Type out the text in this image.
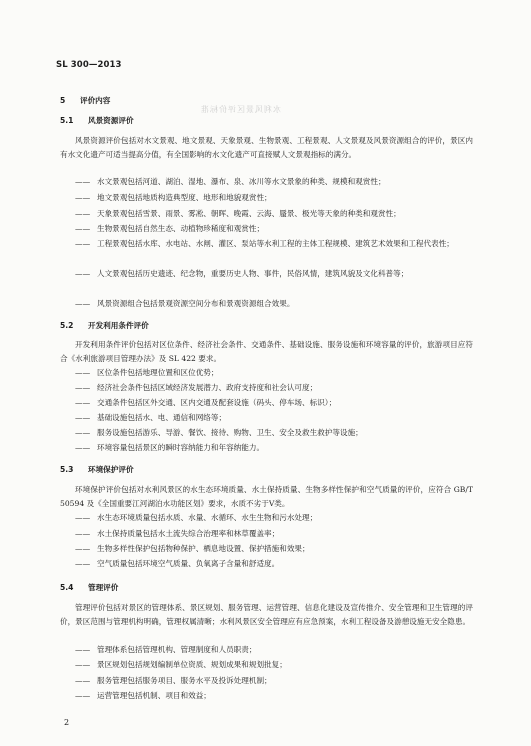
水利风景区评价标准
SL 300—2013
5 评价内容
5.1 风景资源评价
风景资源评价包括对水文景观、地文景观、天象景观、生物景观、工程景观、人文景观及风景资源组合的评价，景区内有水文化遗产可适当提高分值，有全国影响的水文化遗产可直接赋人文景观指标的满分。
—— 水文景观包括河道、湖泊、湿地、瀑布、泉、冰川等水文景象的种类、规模和观赏性；
—— 地文景观包括地质构造典型度、地形和地貌观赏性；
—— 天象景观包括雪景、雨景、雾凇、朝晖、晚霞、云海、蜃景、极光等天象的种类和观赏性；
—— 生物景观包括自然生态、动植物珍稀度和观赏性；
—— 工程景观包括水库、水电站、水闸、灌区、泵站等水利工程的主体工程规模、建筑艺术效果和工程代表性；
—— 人文景观包括历史遗迹、纪念物，重要历史人物、事件，民俗风情，建筑风貌及文化科普等；
—— 风景资源组合包括景观资源空间分布和景观资源组合效果。
5.2 开发利用条件评价
开发利用条件评价包括对区位条件、经济社会条件、交通条件、基础设施、服务设施和环境容量的评价，旅游项目应符合《水利旅游项目管理办法》及 SL 422 要求。
—— 区位条件包括地理位置和区位优势；
—— 经济社会条件包括区域经济发展潜力、政府支持度和社会认可度；
—— 交通条件包括区外交通、区内交通及配套设施（码头、停车场、标识）；
—— 基础设施包括水、电、通信和网络等；
—— 服务设施包括游乐、导游、餐饮、接待、购物、卫生、安全及救生救护等设施；
—— 环境容量包括景区的瞬时容纳能力和年容纳能力。
5.3 环境保护评价
环境保护评价包括对水利风景区的水生态环境质量、水土保持质量、生物多样性保护和空气质量的评价，应符合 GB/T 50594 及《全国重要江河湖泊水功能区划》要求，水质不劣于Ⅴ类。
—— 水生态环境质量包括水质、水量、水循环、水生生物和污水处理；
—— 水土保持质量包括水土流失综合治理率和林草覆盖率；
—— 生物多样性保护包括物种保护、栖息地设置、保护措施和效果；
—— 空气质量包括环境空气质量、负氧离子含量和舒适度。
5.4 管理评价
管理评价包括对景区的管理体系、景区规划、服务管理、运营管理、信息化建设及宣传推介、安全管理和卫生管理的评价，景区范围与管理机构明确，管理权属清晰；水利风景区安全管理应有应急预案，水利工程设备及游憩设施无安全隐患。
—— 管理体系包括管理机构、管理制度和人员职责；
—— 景区规划包括规划编制单位资质、规划成果和规划批复；
—— 服务管理包括服务项目、服务水平及投诉处理机制；
—— 运营管理包括机制、项目和效益；
2
